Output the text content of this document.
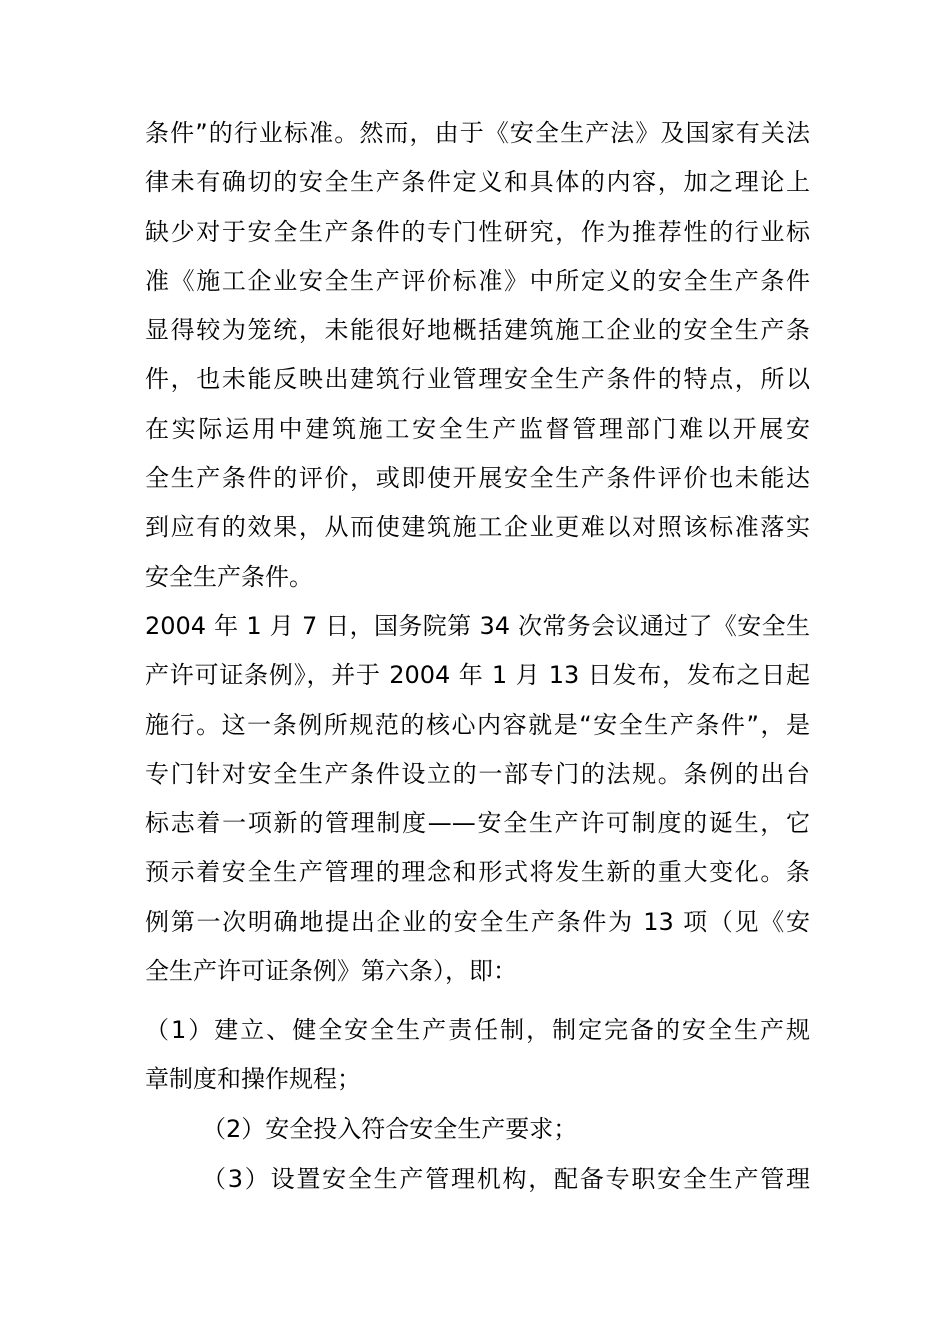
条件”的行业标准。然而，由于《安全生产法》及国家有关法
律未有确切的安全生产条件定义和具体的内容，加之理论上
缺少对于安全生产条件的专门性研究，作为推荐性的行业标
准《施工企业安全生产评价标准》中所定义的安全生产条件
显得较为笼统，未能很好地概括建筑施工企业的安全生产条
件，也未能反映出建筑行业管理安全生产条件的特点，所以
在实际运用中建筑施工安全生产监督管理部门难以开展安
全生产条件的评价，或即使开展安全生产条件评价也未能达
到应有的效果，从而使建筑施工企业更难以对照该标准落实
安全生产条件。
2004 年 1 月 7 日，国务院第 34 次常务会议通过了《安全生
产许可证条例》，并于 2004 年 1 月 13 日发布，发布之日起
施行。这一条例所规范的核心内容就是“安全生产条件”，是
专门针对安全生产条件设立的一部专门的法规。条例的出台
标志着一项新的管理制度——安全生产许可制度的诞生，它
预示着安全生产管理的理念和形式将发生新的重大变化。条
例第一次明确地提出企业的安全生产条件为 13 项（见《安
全生产许可证条例》第六条），即：
（1）建立、健全安全生产责任制，制定完备的安全生产规
章制度和操作规程；
（2）安全投入符合安全生产要求；
（3）设置安全生产管理机构，配备专职安全生产管理
